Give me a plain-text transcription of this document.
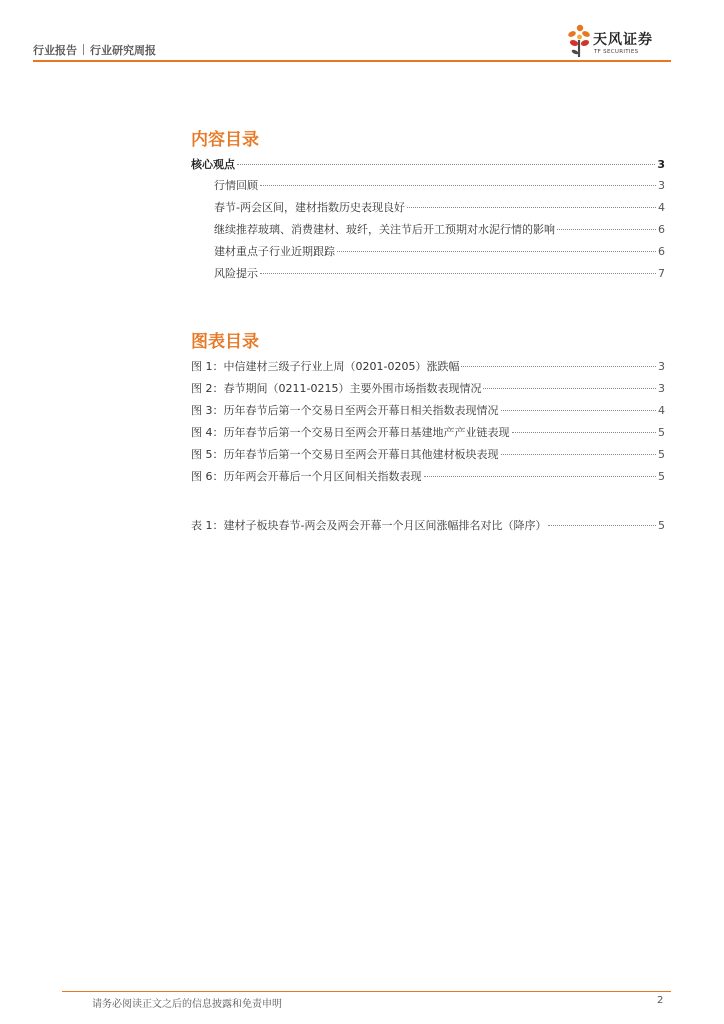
行业报告 行业研究周报
天风证券
TF SECURITIES
内容目录
核心观点	3
行情回顾	3
春节-两会区间，建材指数历史表现良好	4
继续推荐玻璃、消费建材、玻纤，关注节后开工预期对水泥行情的影响	6
建材重点子行业近期跟踪	6
风险提示	7
图表目录
图 1：中信建材三级子行业上周（0201-0205）涨跌幅	3
图 2：春节期间（0211-0215）主要外围市场指数表现情况	3
图 3：历年春节后第一个交易日至两会开幕日相关指数表现情况	4
图 4：历年春节后第一个交易日至两会开幕日基建地产产业链表现	5
图 5：历年春节后第一个交易日至两会开幕日其他建材板块表现	5
图 6：历年两会开幕后一个月区间相关指数表现	5
表 1：建材子板块春节-两会及两会开幕一个月区间涨幅排名对比（降序）	5
请务必阅读正文之后的信息披露和免责申明	2
